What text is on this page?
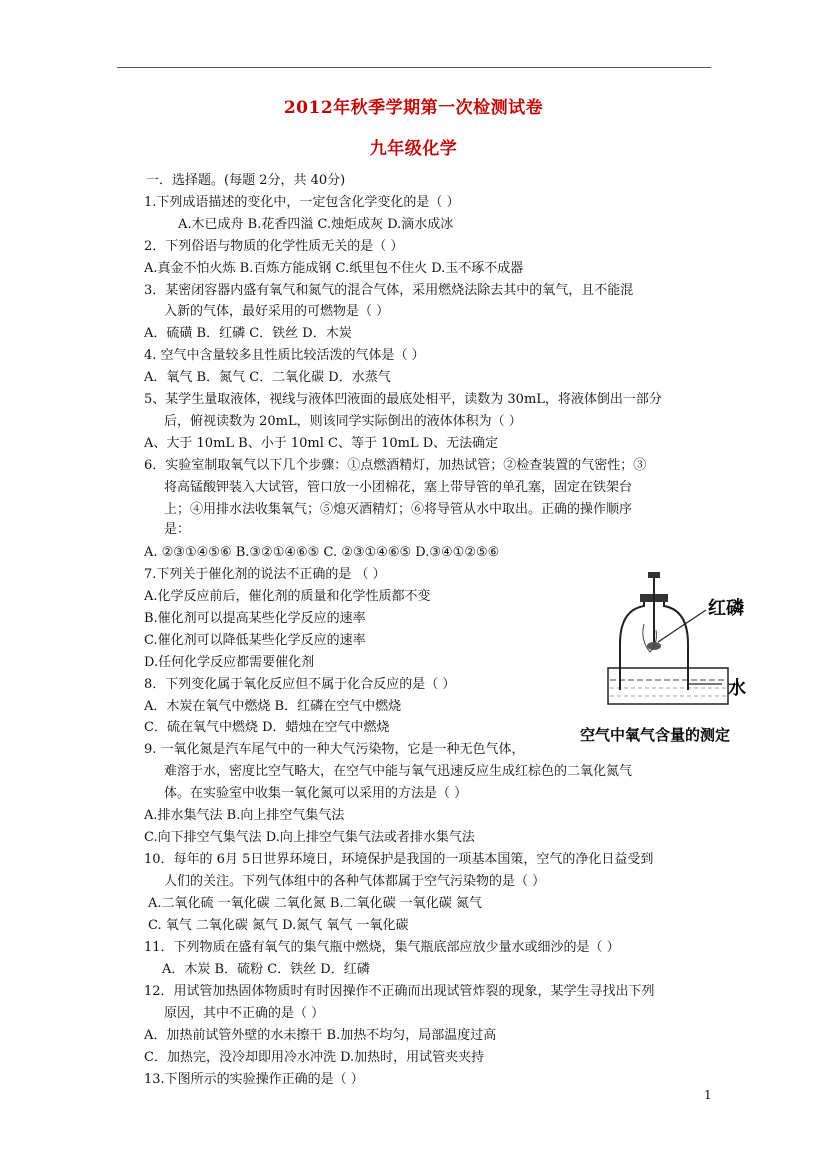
2012年秋季学期第一次检测试卷
九年级化学
一．选择题。(每题 2分，共 40分)
1.下列成语描述的变化中，一定包含化学变化的是（ ）
A.木已成舟 B.花香四溢 C.烛炬成灰 D.滴水成冰
2．下列俗语与物质的化学性质无关的是（ ）
A.真金不怕火炼 B.百炼方能成钢 C.纸里包不住火 D.玉不琢不成器
3．某密闭容器内盛有氧气和氮气的混合气体，采用燃烧法除去其中的氧气，且不能混
入新的气体，最好采用的可燃物是（ ）
A．硫磺 B．红磷 C．铁丝 D．木炭
4. 空气中含量较多且性质比较活泼的气体是（ ）
A．氧气 B．氮气 C．二氧化碳 D．水蒸气
5、某学生量取液体，视线与液体凹液面的最底处相平，读数为 30mL，将液体倒出一部分
后，俯视读数为 20mL，则该同学实际倒出的液体体积为（ ）
A、大于 10mL B、小于 10ml C、等于 10mL D、无法确定
6．实验室制取氧气以下几个步骤：①点燃酒精灯，加热试管；②检查装置的气密性；③
将高锰酸钾装入大试管，管口放一小团棉花，塞上带导管的单孔塞，固定在铁架台
上；④用排水法收集氧气；⑤熄灭酒精灯；⑥将导管从水中取出。正确的操作顺序
是：
A. ②③①④⑤⑥ B.③②①④⑥⑤ C. ②③①④⑥⑤ D.③④①②⑤⑥
7.下列关于催化剂的说法不正确的是 （ ）
A.化学反应前后，催化剂的质量和化学性质都不变
B.催化剂可以提高某些化学反应的速率
C.催化剂可以降低某些化学反应的速率
D.任何化学反应都需要催化剂
8．下列变化属于氧化反应但不属于化合反应的是（ ）
A．木炭在氧气中燃烧 B．红磷在空气中燃烧
C．硫在氧气中燃烧 D．蜡烛在空气中燃烧
9. 一氧化氮是汽车尾气中的一种大气污染物，它是一种无色气体，
难溶于水，密度比空气略大，在空气中能与氧气迅速反应生成红棕色的二氧化氮气
体。在实验室中收集一氧化氮可以采用的方法是（ ）
A.排水集气法 B.向上排空气集气法
C.向下排空气集气法 D.向上排空气集气法或者排水集气法
10．每年的 6月 5日世界环境日，环境保护是我国的一项基本国策，空气的净化日益受到
人们的关注。下列气体组中的各种气体都属于空气污染物的是（ ）
A.二氧化硫 一氧化碳 二氧化氮 B.二氧化碳 一氧化碳 氮气
C. 氧气 二氧化碳 氮气 D.氮气 氧气 一氧化碳
11．下列物质在盛有氧气的集气瓶中燃烧，集气瓶底部应放少量水或细沙的是（ ）
A．木炭 B．硫粉 C．铁丝 D．红磷
12．用试管加热固体物质时有时因操作不正确而出现试管炸裂的现象，某学生寻找出下列
原因，其中不正确的是（ ）
A．加热前试管外壁的水未擦干 B.加热不均匀，局部温度过高
C．加热完，没冷却即用冷水冲洗 D.加热时，用试管夹夹持
13.下图所示的实验操作正确的是（ ）
红磷
水
空气中氧气含量的测定
1
